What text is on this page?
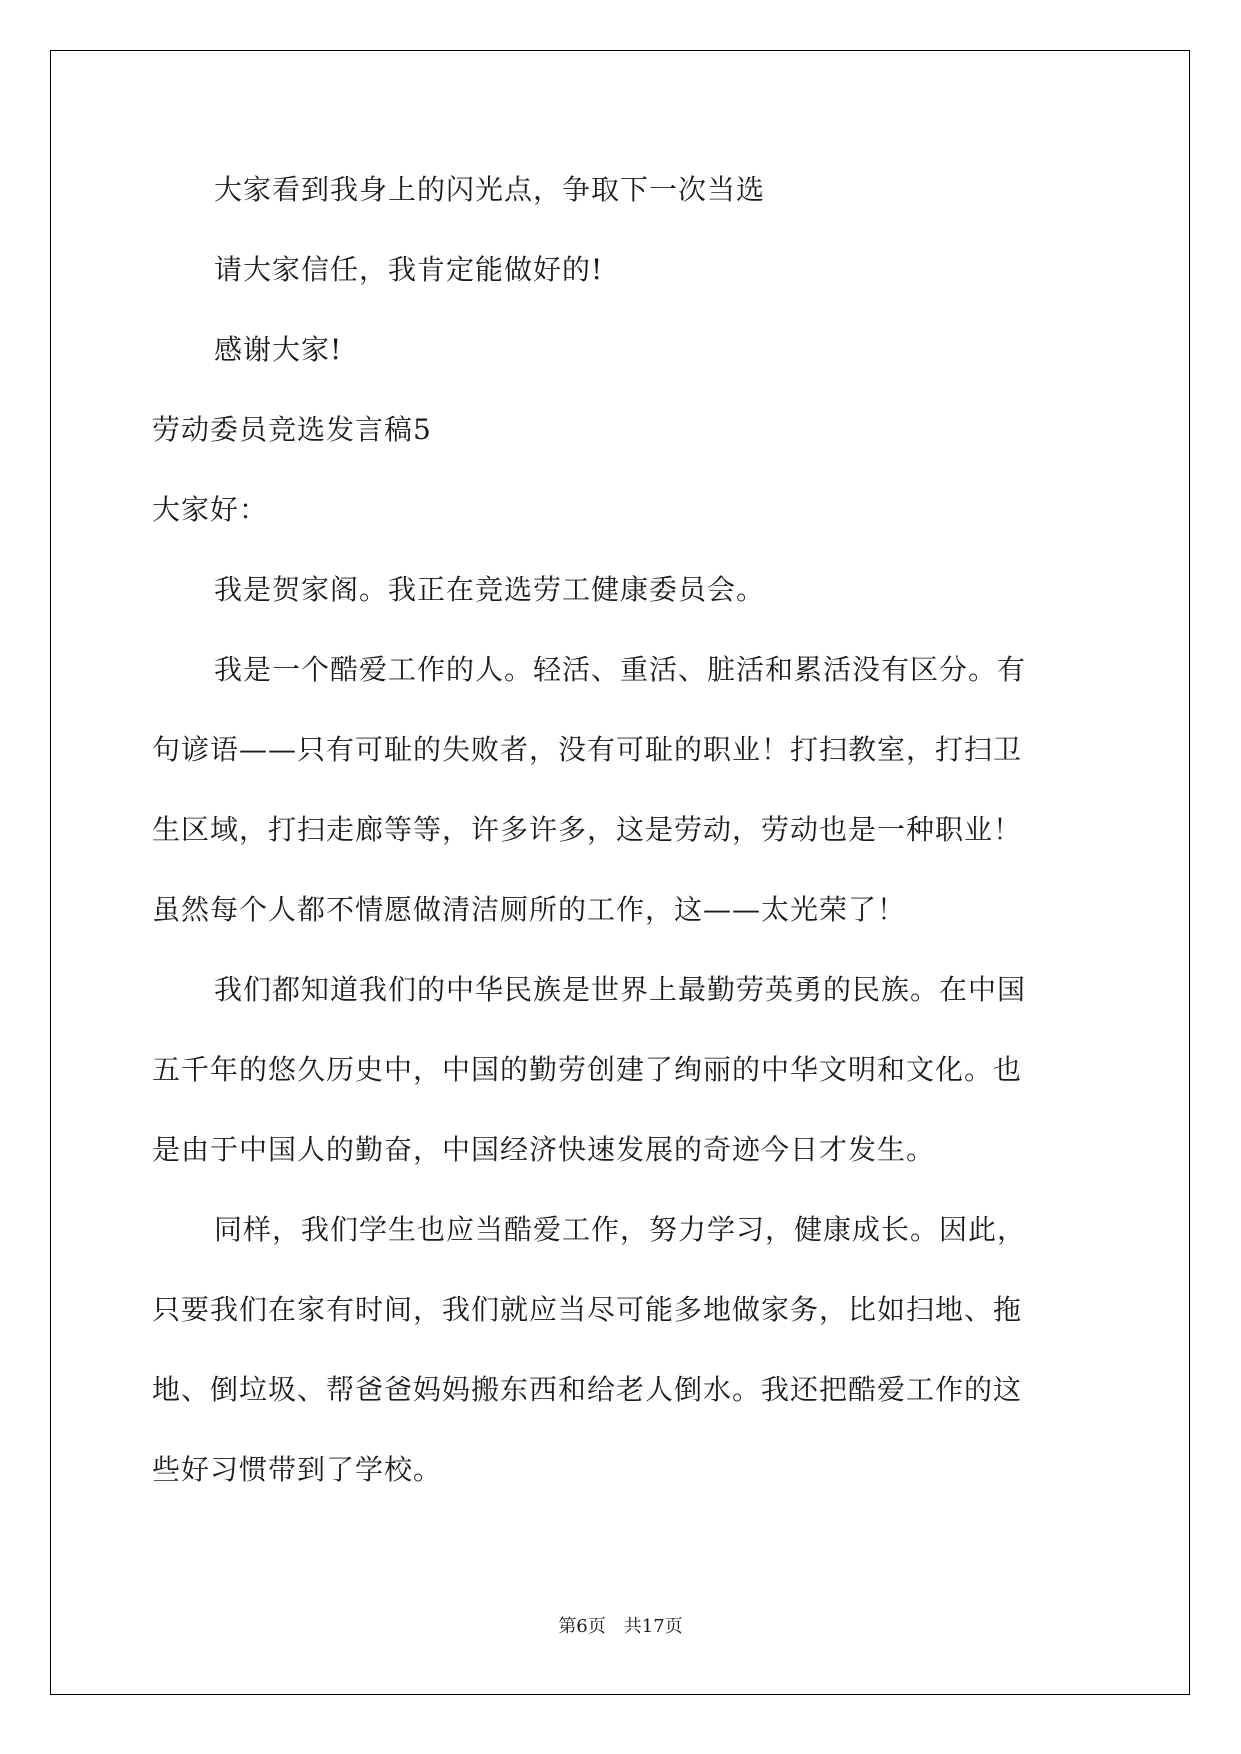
大家看到我身上的闪光点，争取下一次当选
请大家信任，我肯定能做好的!
感谢大家!
劳动委员竞选发言稿5
大家好：
我是贺家阁。我正在竞选劳工健康委员会。
我是一个酷爱工作的人。轻活、重活、脏活和累活没有区分。有
句谚语——只有可耻的失败者，没有可耻的职业！打扫教室，打扫卫
生区域，打扫走廊等等，许多许多，这是劳动，劳动也是一种职业！
虽然每个人都不情愿做清洁厕所的工作，这——太光荣了！
我们都知道我们的中华民族是世界上最勤劳英勇的民族。在中国
五千年的悠久历史中，中国的勤劳创建了绚丽的中华文明和文化。也
是由于中国人的勤奋，中国经济快速发展的奇迹今日才发生。
同样，我们学生也应当酷爱工作，努力学习，健康成长。因此，
只要我们在家有时间，我们就应当尽可能多地做家务，比如扫地、拖
地、倒垃圾、帮爸爸妈妈搬东西和给老人倒水。我还把酷爱工作的这
些好习惯带到了学校。
第6页　共17页
